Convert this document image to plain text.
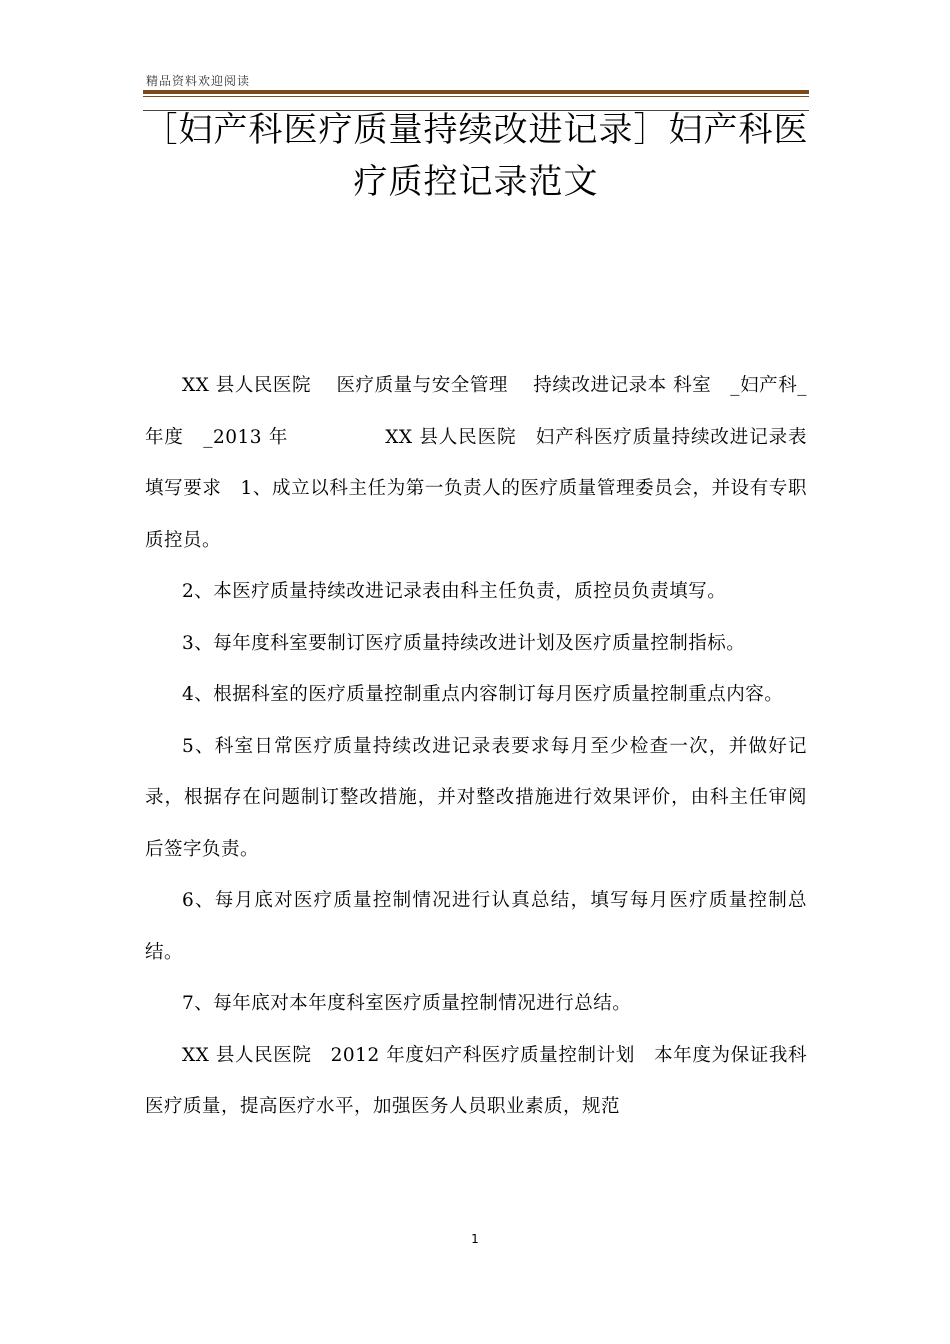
精品资料欢迎阅读
［妇产科医疗质量持续改进记录］妇产科医疗质控记录范文

XX 县人民医院　 医疗质量与安全管理　 持续改进记录本 科室　_妇产科_　 年度　_2013 年　　　　　XX 县人民医院　妇产科医疗质量持续改进记录表填写要求　1、成立以科主任为第一负责人的医疗质量管理委员会，并设有专职质控员。

2、本医疗质量持续改进记录表由科主任负责，质控员负责填写。

3、每年度科室要制订医疗质量持续改进计划及医疗质量控制指标。

4、根据科室的医疗质量控制重点内容制订每月医疗质量控制重点内容。

5、科室日常医疗质量持续改进记录表要求每月至少检查一次，并做好记录，根据存在问题制订整改措施，并对整改措施进行效果评价，由科主任审阅后签字负责。

6、每月底对医疗质量控制情况进行认真总结，填写每月医疗质量控制总结。

7、每年底对本年度科室医疗质量控制情况进行总结。

XX 县人民医院　2012 年度妇产科医疗质量控制计划　本年度为保证我科医疗质量，提高医疗水平，加强医务人员职业素质，规范

1
